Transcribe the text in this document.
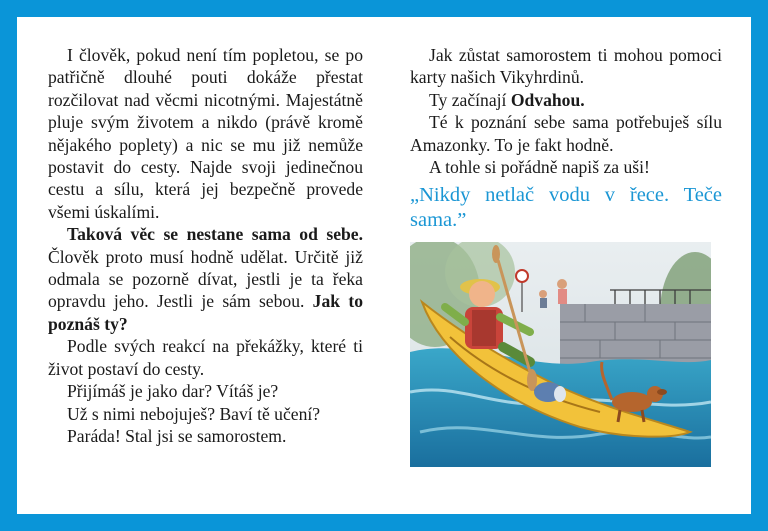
I člověk, pokud není tím popletou, se po patřičně dlouhé pouti dokáže přestat rozčilovat nad věcmi nicotnými. Majestátně pluje svým životem a nikdo (právě kromě nějakého poplety) a nic se mu již nemůže postavit do cesty. Najde svoji jedinečnou cestu a sílu, která jej bezpečně provede všemi úskalími.

Taková věc se nestane sama od sebe. Člověk proto musí hodně udělat. Určitě již odmala se pozorně dívat, jestli je ta řeka opravdu jeho. Jestli je sám sebou. Jak to poznáš ty?

Podle svých reakcí na překážky, které ti život postaví do cesty.

Přijímáš je jako dar? Vítáš je?

Už s nimi nebojuješ? Baví tě učení?

Paráda! Stal jsi se samorostem.

Jak zůstat samorostem ti mohou pomoci karty našich Vikyhrdinů.

Ty začínají Odvahou.

Té k poznání sebe sama potřebuješ sílu Amazonky. To je fakt hodně.

A tohle si pořádně napiš za uši!

„Nikdy netlač vodu v řece. Teče sama.”
